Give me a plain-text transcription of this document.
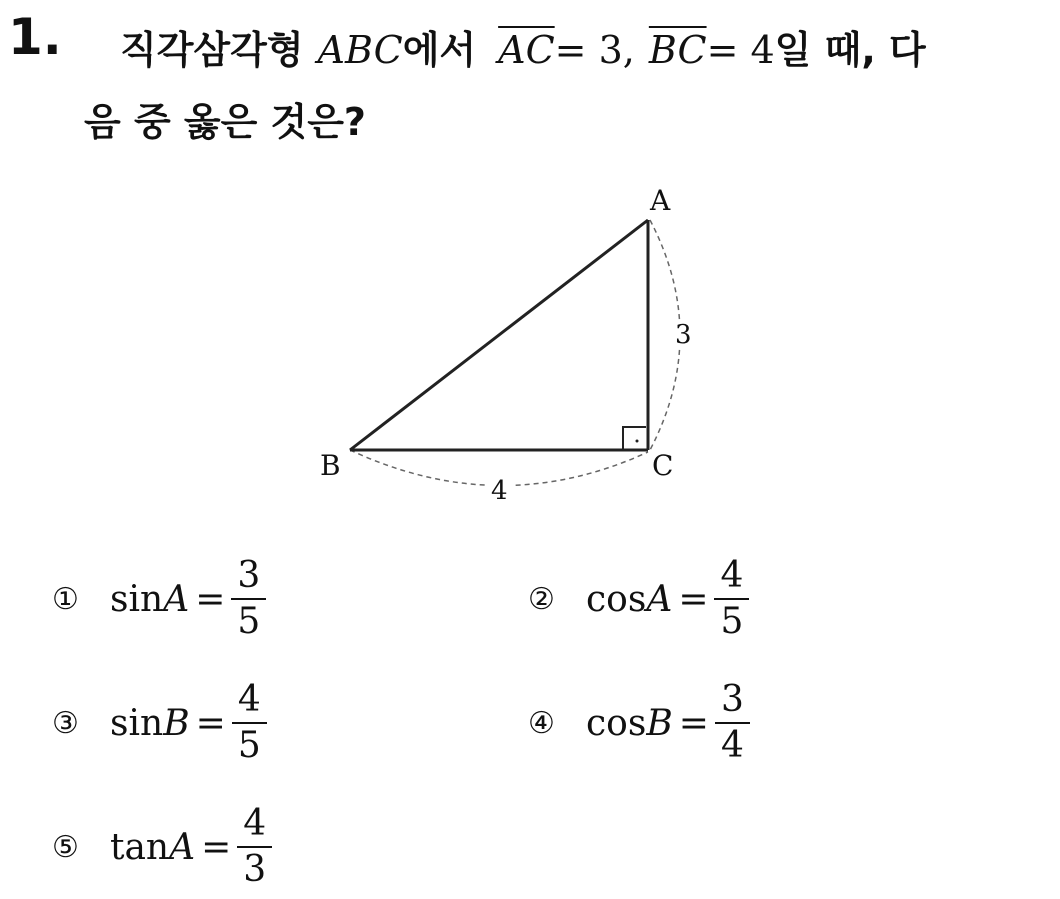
1. 직각삼각형 ABC에서 $\overline{AC}= 3$, $\overline{BC}= 4$일 때, 다
음 중 옳은 것은?
A
B	C
3
4
① $\sin A = \frac{3}{5}$	② $\cos A = \frac{4}{5}$
③ $\sin B = \frac{4}{5}$	④ $\cos B = \frac{3}{4}$
⑤ $\tan A = \frac{4}{3}$
